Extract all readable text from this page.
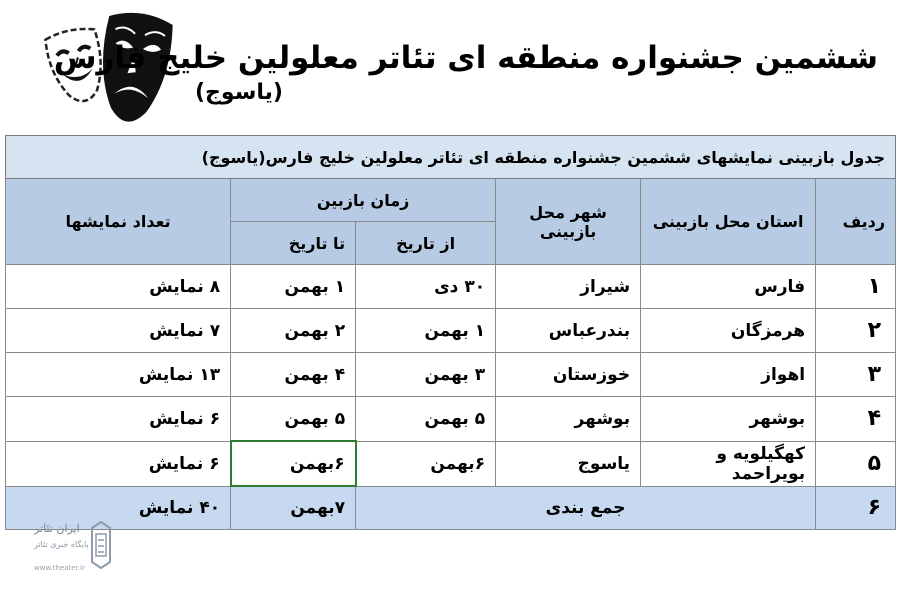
ششمین جشنواره منطقه ای تئاتر معلولین خلیج فارس
(یاسوج)
جدول بازبینی نمایشهای ششمین جشنواره منطقه ای تئاتر معلولین خلیج فارس(یاسوج)					
ردیف	استان محل بازبینی	شهر محل بازبینی	زمان بازبین		تعداد نمایشها
			از تاریخ	تا تاریخ	
۱	فارس	شیراز	۳۰ دی	۱ بهمن	۸ نمایش
۲	هرمزگان	بندرعباس	۱ بهمن	۲ بهمن	۷ نمایش
۳	اهواز	خوزستان	۳ بهمن	۴ بهمن	۱۳ نمایش
۴	بوشهر	بوشهر	۵ بهمن	۵ بهمن	۶ نمایش
۵	کهگیلویه و بویراحمد	یاسوج	۶بهمن	۶بهمن	۶ نمایش
۶	جمع بندی			۷بهمن	۴۰ نمایش
ایران تئاتر
پایگاه خبری تئاتر
www.theater.ir
